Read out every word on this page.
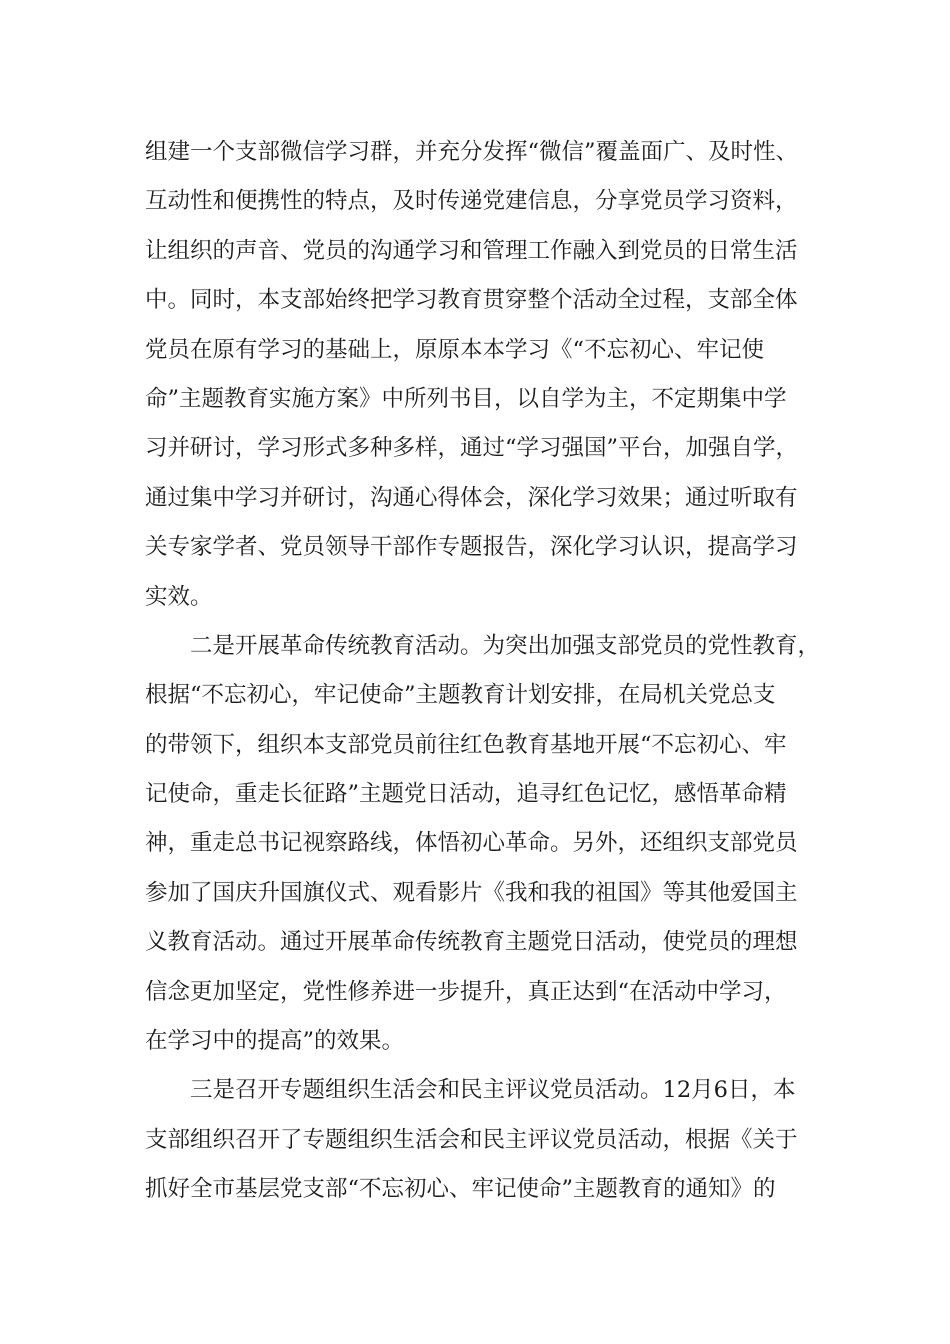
组建一个支部微信学习群，并充分发挥“微信”覆盖面广、及时性、
互动性和便携性的特点，及时传递党建信息，分享党员学习资料，
让组织的声音、党员的沟通学习和管理工作融入到党员的日常生活
中。同时，本支部始终把学习教育贯穿整个活动全过程，支部全体
党员在原有学习的基础上，原原本本学习《“不忘初心、牢记使
命”主题教育实施方案》中所列书目，以自学为主，不定期集中学
习并研讨，学习形式多种多样，通过“学习强国”平台，加强自学，
通过集中学习并研讨，沟通心得体会，深化学习效果；通过听取有
关专家学者、党员领导干部作专题报告，深化学习认识，提高学习
实效。
二是开展革命传统教育活动。为突出加强支部党员的党性教育，
根据“不忘初心，牢记使命”主题教育计划安排，在局机关党总支
的带领下，组织本支部党员前往红色教育基地开展“不忘初心、牢
记使命，重走长征路”主题党日活动，追寻红色记忆，感悟革命精
神，重走总书记视察路线，体悟初心革命。另外，还组织支部党员
参加了国庆升国旗仪式、观看影片《我和我的祖国》等其他爱国主
义教育活动。通过开展革命传统教育主题党日活动，使党员的理想
信念更加坚定，党性修养进一步提升，真正达到“在活动中学习，
在学习中的提高”的效果。
三是召开专题组织生活会和民主评议党员活动。12月6日，本
支部组织召开了专题组织生活会和民主评议党员活动，根据《关于
抓好全市基层党支部“不忘初心、牢记使命”主题教育的通知》的
